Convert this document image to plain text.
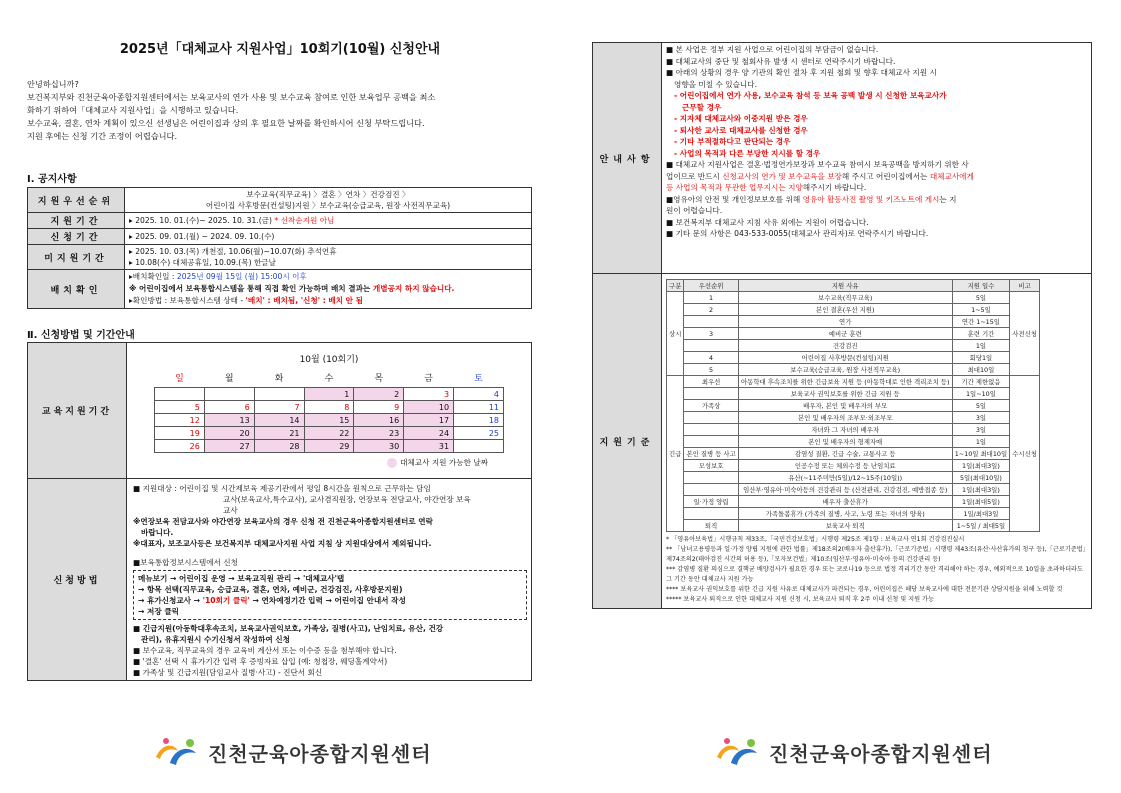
2025년「대체교사 지원사업」10회기(10월) 신청안내
안녕하십니까?
보건복지부와 진천군육아종합지원센터에서는 보육교사의 연가 사용 및 보수교육 참여로 인한 보육업무 공백을 최소
화하기 위하여「대체교사 지원사업」을 시행하고 있습니다.
보수교육, 결혼, 연차 계획이 있으신 선생님은 어린이집과 상의 후 필요한 날짜를 확인하시어 신청 부탁드립니다.
지원 후에는 신청 기간 조정이 어렵습니다.
Ⅰ. 공지사항
지원우선순위	보수교육(직무교육) 〉결혼 〉연차 〉건강검진 〉
어린이집 사후방문(컨설팅)지원 〉보수교육(승급교육, 원장 사전직무교육)

지원기간	▸ 2025. 10. 01.(수)~ 2025. 10. 31.(금) * 선착순지원 아님
신청기간	▸ 2025. 09. 01.(월) ~ 2024. 09. 10.(수)
미지원기간	▸ 2025. 10. 03.(목) 개천절, 10.06(월)~10.07(화) 추석연휴
▸ 10.08(수) 대체공휴일, 10.09.(목) 한글날

배치확인	▸배치확인일 : 2025년 09월 15일 (월) 15:00시 이후
※ 어린이집에서 보육통합시스템을 통해 직접 확인 가능하며 배치 결과는 개별공지 하지 않습니다.
▸확인방법 : 보육통합시스템 상태 - '배치' : 배치됨, '신청' : 배치 안 됨
Ⅱ. 신청방법 및 기간안내
교육지원기간	
10월 (10회기)
일	월	화	수	목	금	토
			1	2	3	4
5	6	7	8	9	10	11
12	13	14	15	16	17	18
19	20	21	22	23	24	25
26	27	28	29	30	31	
대체교사 지원 가능한 날짜

신청방법	
■ 지원대상 : 어린이집 및 시간제보육 제공기관에서 평일 8시간을 원칙으로 근무하는 담임
교사(보육교사,특수교사), 교사겸직원장, 연장보육 전담교사, 야간연장 보육
교사
※연장보육 전담교사와 야간연장 보육교사의 경우 신청 전 진천군육아종합지원센터로 연락
바랍니다.
※대표자, 보조교사등은 보건복지부 대체교사지원 사업 지침 상 지원대상에서 제외됩니다.
■보육통합정보시스템에서 신청
메뉴보기 → 어린이집 운영 → 보육교직원 관리 → '대체교사'탭
→ 항목 선택(직무교육, 승급교육, 결혼, 연차, 예비군, 건강검진, 사후방문지원)
→ 휴가신청교사 → '10회기 클릭' → 연차예정기간 입력 → 어린이집 안내서 작성
→ 저장 클릭
■ 긴급지원(아동학대후속조치, 보육교사권익보호, 가족상, 질병(사고), 난임치료, 유산, 건강
관리), 유휴지원시 수기신청서 작성하여 신청
■ 보수교육, 직무교육의 경우 교육비 계산서 또는 이수증 등을 첨부해야 합니다.
■ '결혼' 선택 시 휴가기간 입력 후 증빙자료 삽입 (예: 청첩장, 웨딩홀계약서)
■ 가족상 및 긴급지원(담임교사 질병·사고) - 진단서 회신
진천군육아종합지원센터
안내사항	
■ 본 사업은 정부 지원 사업으로 어린이집의 부담금이 없습니다.
■ 대체교사의 중단 및 철회사유 발생 시 센터로 연락주시기 바랍니다.
■ 아래의 상황의 경우 양 기관의 확인 절차 후 지원 철회 및 향후 대체교사 지원 시
영향을 미칠 수 있습니다.
- 어린이집에서 연가 사용, 보수교육 참석 등 보육 공백 발생 시 신청한 보육교사가
근무할 경우
- 지자체 대체교사와 이중지원 받은 경우
- 퇴사한 교사로 대체교사를 신청한 경우
- 기타 부적절하다고 판단되는 경우
- 사업의 목적과 다른 부당한 지시를 할 경우
■ 대체교사 지원사업은 결혼·법정연가보장과 보수교육 참여시 보육공백을 방지하기 위한 사
업이므로 반드시 신청교사의 연가 및 보수교육을 보장해 주시고 어린이집에서는 대체교사에게
등 사업의 목적과 무관한 업무지시는 지양해주시기 바랍니다.
■영유아의 안전 및 개인정보보호를 위해 영유아 활동사진 촬영 및 키즈노트에 게시는 지
원이 어렵습니다.
■ 보건복지부 대체교사 지침 사유 외에는 지원이 어렵습니다.
■ 기타 문의 사항은 043-533-0055(대체교사 관리자)로 연락주시기 바랍니다.

지원기준	
구분	우선순위	지원 사유	지원 일수	비고
상시	1	보수교육(직무교육)	5일	사전신청
2	본인 결혼(우선 지원)	1~5일
	연가	연간 1~15일
3	예비군 훈련	훈련 기간
	건강검진	1일
4	어린이집 사후방문(컨설팅)지원	회당1일
5	보수교육(승급교육, 원장 사전직무교육)	최대10일
긴급	최우선	아동학대 후속조치를 위한 긴급보육 지원 등 (아동학대로 인한 격리조치 등)	기간 제한없음	수시신청
	보육교사 권익보호를 위한 긴급 지원 등	1일~10일
가족상	배우자, 본인 및 배우자의 부모	5일
	본인 및 배우자의 조부모·외조부모	3일
	자녀와 그 자녀의 배우자	3일
	본인 및 배우자의 형제자매	1일
본인 질병 등 사고	감염성 질환, 긴급 수술, 교통사고 등	1~10일 최대10일
모성보호	인공수정 또는 체외수정 등 난임치료	1일(최대3일)
	유산(~11주미만(5일)/12~15주(10일))	5일(최대10일)
	임산부·영유아·미숙아등의 건강관리 등 (산전관리, 건강검진, 예방접종 등)	1일(최대3일)
일·가정 양립	배우자 출산휴가	1일(최대5일)
	가족돌봄휴가 (가족의 질병, 사고, 노령 또는 자녀의 양육)	1일/최대3일
퇴직	보육교사 퇴직	1~5일 / 최대5일
* 「영유아보육법」시행규칙 제33조,「국민건강보호법」시행령 제25조 제1항 : 보육교사 연1회 건강검진실시
** 「남녀고용평등과 일·가정 양립 지원에 관한 법률」제18조의2(배우자 출산휴가),「근로기준법」시행령 제43조(유산·사산휴가의 청구 등),「근로기준법」제74조의2(태아검진 시간의 허용 등),「모자보건법」제10조(임산부·영유아·미숙아 등의 건강관리 등)
*** 감염병 질환 의심으로 결핵균 배양검사가 필요한 경우 또는 코로나19 등으로 법정 격리기간 동안 격리해야 하는 경우, 예외적으로 10일을 초과하더라도 그 기간 동안 대체교사 지원 가능
**** 보육교사 권익보호를 위한 긴급 지원 사유로 대체교사가 파견되는 경우, 어린이집은 해당 보육교사에 대한 전문기관 상담지원을 위해 노력할 것
***** 보육교사 퇴직으로 인한 대체교사 지원 신청 시, 보육교사 퇴직 후 2주 이내 신청 및 지원 가능
진천군육아종합지원센터
